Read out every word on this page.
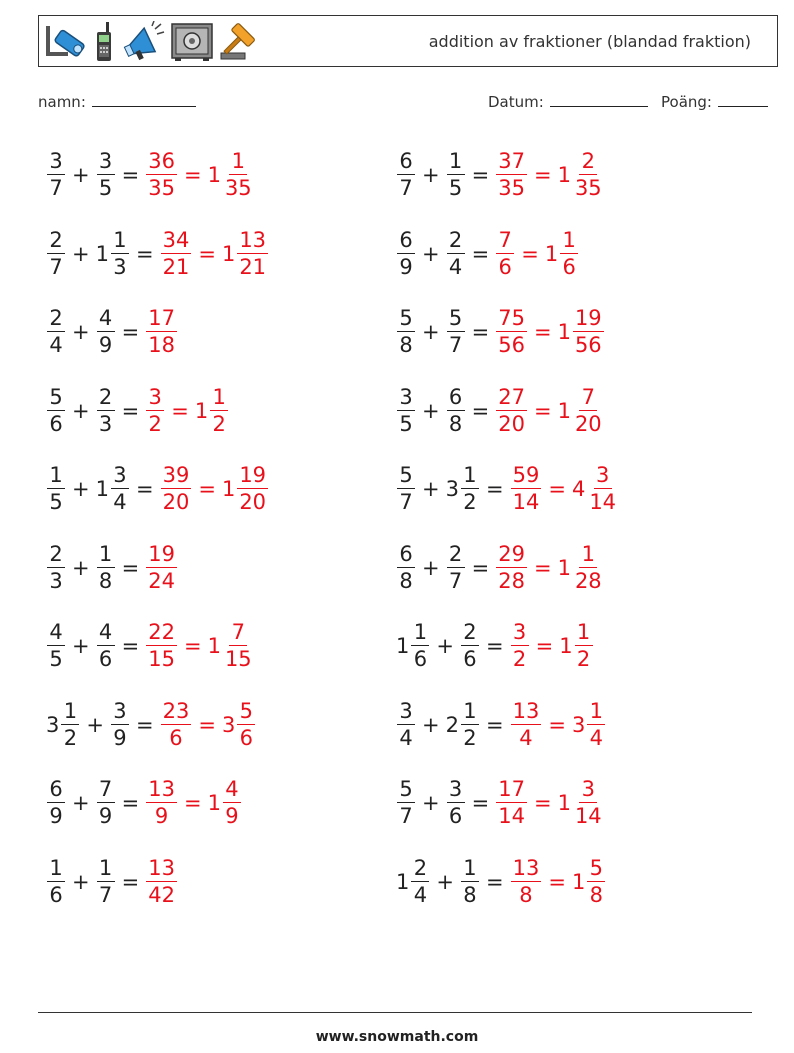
addition av fraktioner (blandad fraktion)
namn:	Datum:	Poäng:
$\frac{3}{7} + \frac{3}{5} = \frac{36}{35} = 1 \frac{1}{35}$	$\frac{6}{7} + \frac{1}{5} = \frac{37}{35} = 1 \frac{2}{35}$
$\frac{2}{7} + 1 \frac{1}{3} = \frac{34}{21} = 1 \frac{13}{21}$	$\frac{6}{9} + \frac{2}{4} = \frac{7}{6} = 1 \frac{1}{6}$
$\frac{2}{4} + \frac{4}{9} = \frac{17}{18}$	$\frac{5}{8} + \frac{5}{7} = \frac{75}{56} = 1 \frac{19}{56}$
$\frac{5}{6} + \frac{2}{3} = \frac{3}{2} = 1 \frac{1}{2}$	$\frac{3}{5} + \frac{6}{8} = \frac{27}{20} = 1 \frac{7}{20}$
$\frac{1}{5} + 1 \frac{3}{4} = \frac{39}{20} = 1 \frac{19}{20}$	$\frac{5}{7} + 3 \frac{1}{2} = \frac{59}{14} = 4 \frac{3}{14}$
$\frac{2}{3} + \frac{1}{8} = \frac{19}{24}$	$\frac{6}{8} + \frac{2}{7} = \frac{29}{28} = 1 \frac{1}{28}$
$\frac{4}{5} + \frac{4}{6} = \frac{22}{15} = 1 \frac{7}{15}$	$1 \frac{1}{6} + \frac{2}{6} = \frac{3}{2} = 1 \frac{1}{2}$
$3 \frac{1}{2} + \frac{3}{9} = \frac{23}{6} = 3 \frac{5}{6}$	$\frac{3}{4} + 2 \frac{1}{2} = \frac{13}{4} = 3 \frac{1}{4}$
$\frac{6}{9} + \frac{7}{9} = \frac{13}{9} = 1 \frac{4}{9}$	$\frac{5}{7} + \frac{3}{6} = \frac{17}{14} = 1 \frac{3}{14}$
$\frac{1}{6} + \frac{1}{7} = \frac{13}{42}$	$1 \frac{2}{4} + \frac{1}{8} = \frac{13}{8} = 1 \frac{5}{8}$
www.snowmath.com
